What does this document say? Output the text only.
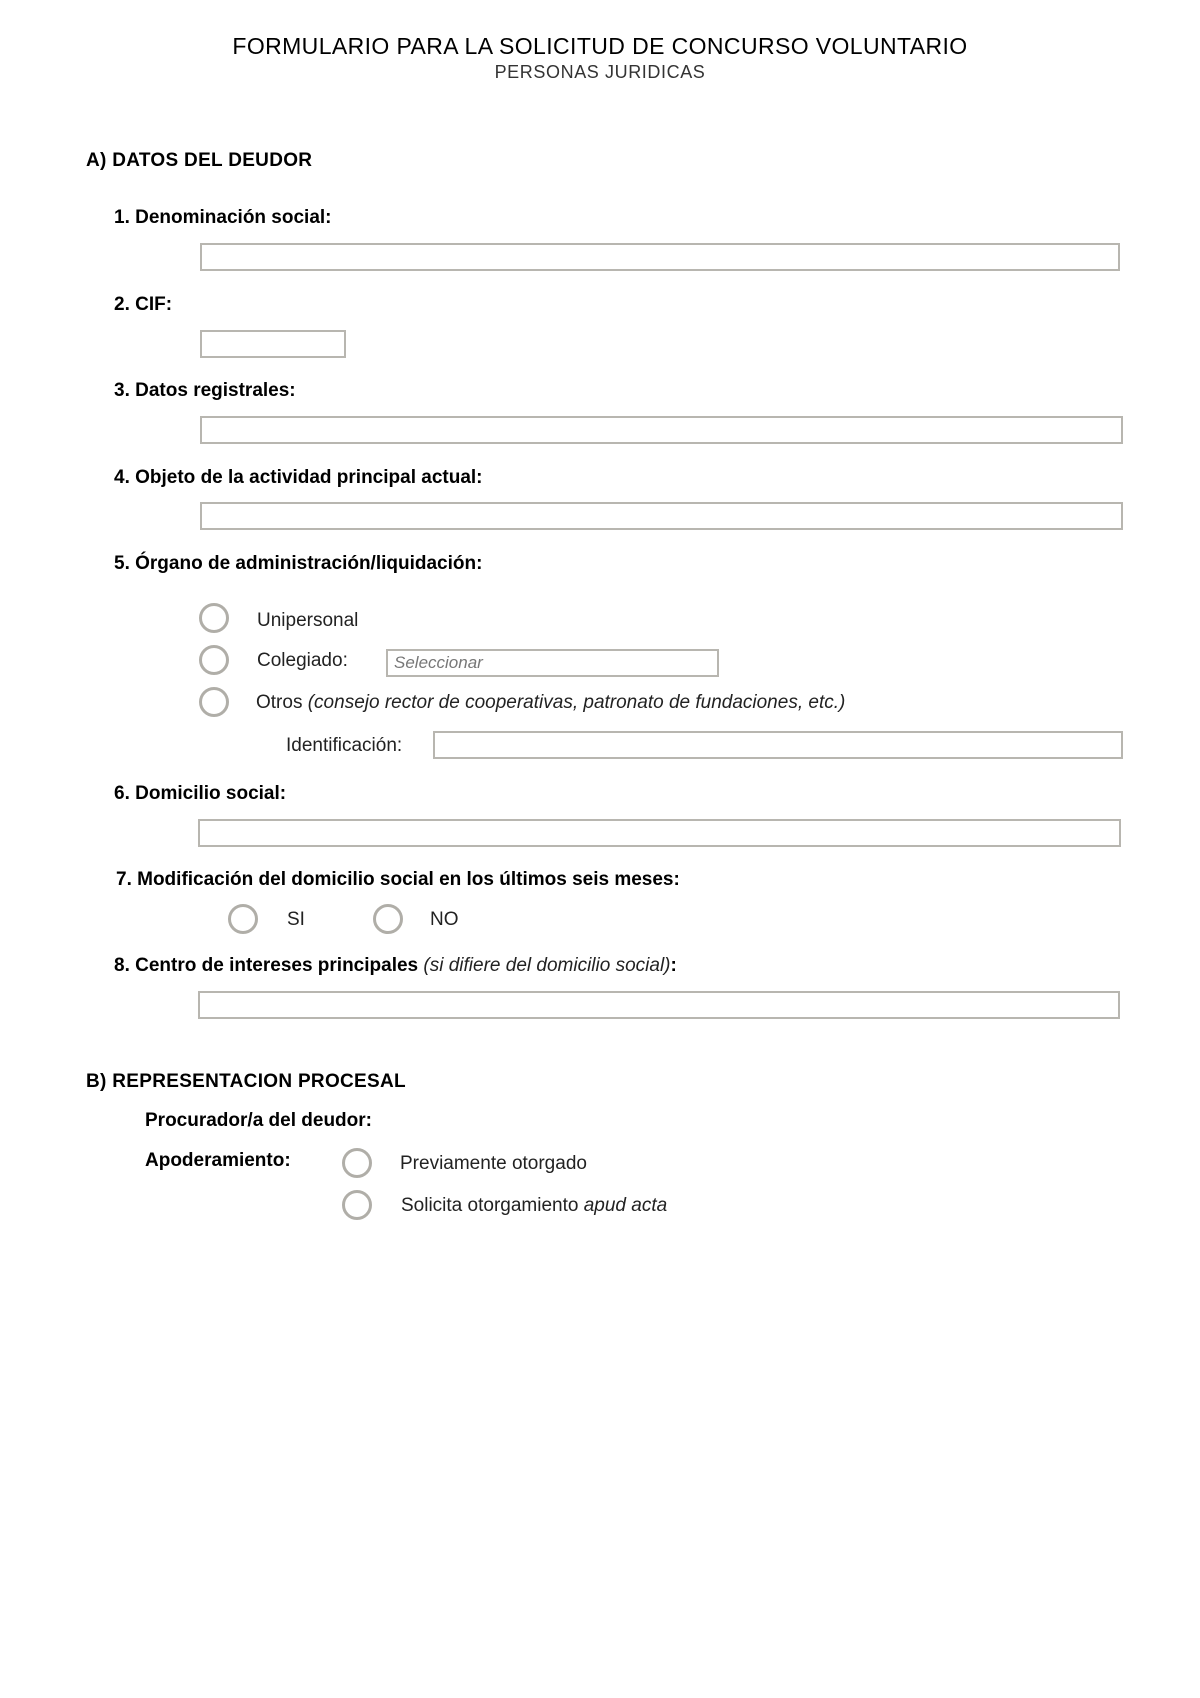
FORMULARIO PARA LA SOLICITUD DE CONCURSO VOLUNTARIO
PERSONAS JURIDICAS
A) DATOS DEL DEUDOR
1. Denominación social:
2. CIF:
3. Datos registrales:
4. Objeto de la actividad principal actual:
5. Órgano de administración/liquidación:
Unipersonal
Colegiado:
Seleccionar
Otros (consejo rector de cooperativas, patronato de fundaciones, etc.)
Identificación:
6. Domicilio social:
7. Modificación del domicilio social en los últimos seis meses:
SI	NO
8. Centro de intereses principales (si difiere del domicilio social):
B) REPRESENTACION PROCESAL
Procurador/a del deudor:
Apoderamiento:	Previamente otorgado
Solicita otorgamiento apud acta
